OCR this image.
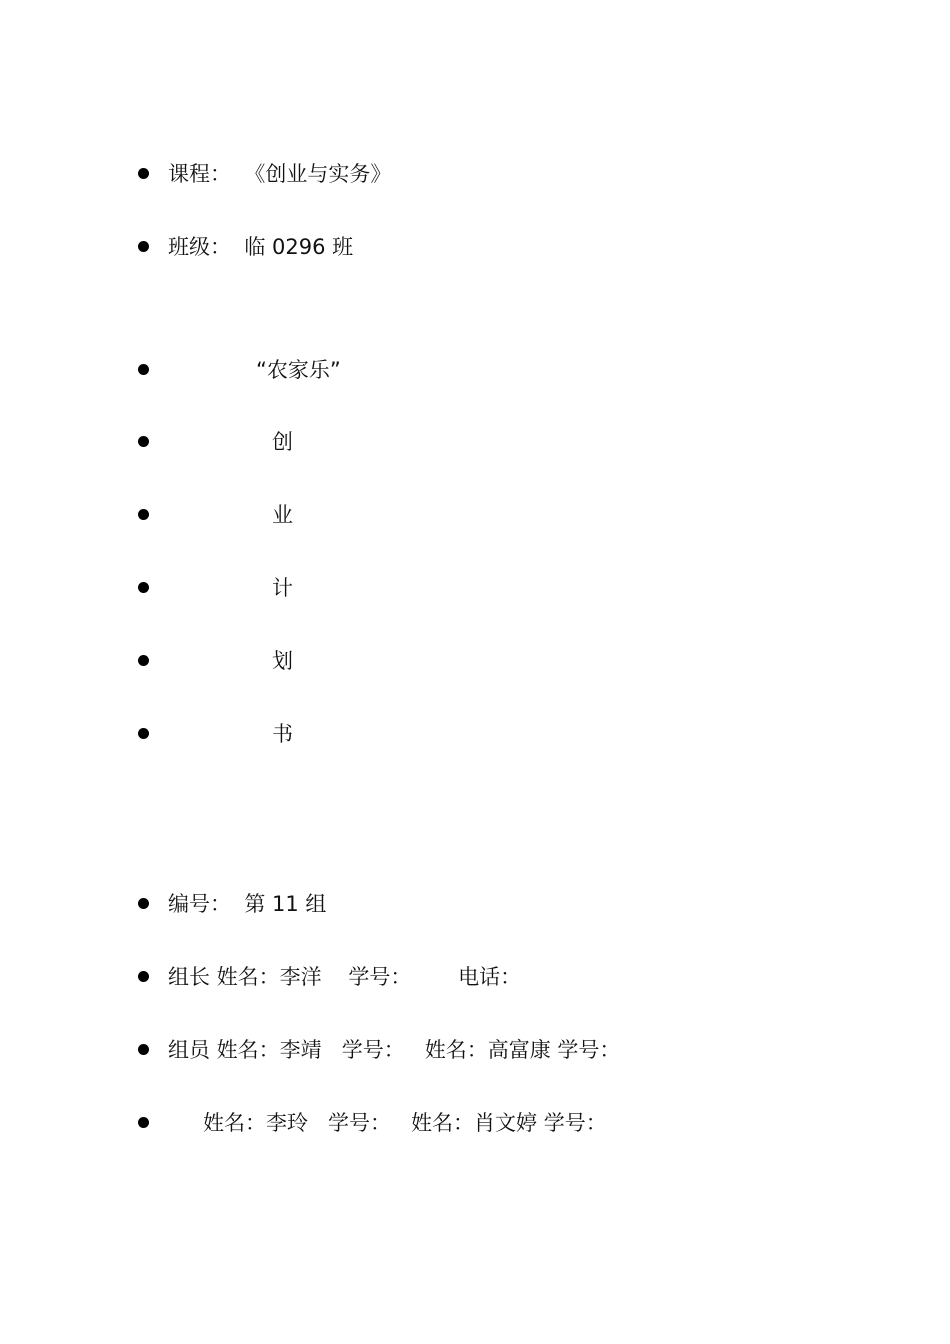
课程：  《创业与实务》
班级：  临 0296 班
“农家乐”
创
业
计
划
书
编号：  第 11 组
组长 姓名：李洋    学号：       电话：
组员 姓名：李靖   学号：   姓名：高富康 学号：
姓名：李玲   学号：   姓名：肖文婷 学号：
